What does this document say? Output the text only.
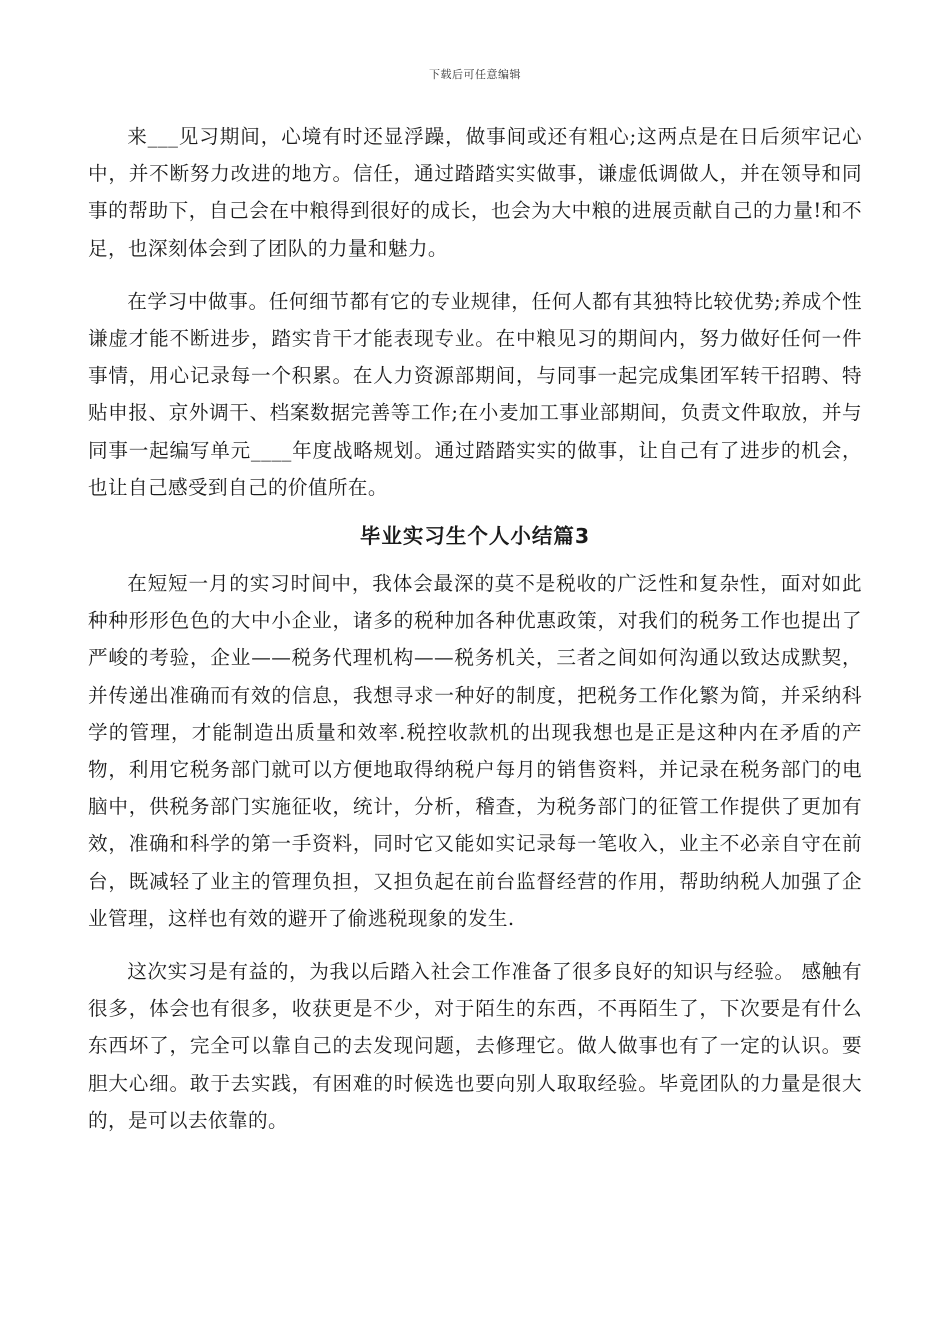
下载后可任意编辑

来___见习期间，心境有时还显浮躁，做事间或还有粗心;这两点是在日后须牢记心中，并不断努力改进的地方。信任，通过踏踏实实做事，谦虚低调做人，并在领导和同事的帮助下，自己会在中粮得到很好的成长，也会为大中粮的进展贡献自己的力量!和不足，也深刻体会到了团队的力量和魅力。

在学习中做事。任何细节都有它的专业规律，任何人都有其独特比较优势;养成个性谦虚才能不断进步，踏实肯干才能表现专业。在中粮见习的期间内，努力做好任何一件事情，用心记录每一个积累。在人力资源部期间，与同事一起完成集团军转干招聘、特贴申报、京外调干、档案数据完善等工作;在小麦加工事业部期间，负责文件取放，并与同事一起编写单元____年度战略规划。通过踏踏实实的做事，让自己有了进步的机会，也让自己感受到自己的价值所在。

毕业实习生个人小结篇3

在短短一月的实习时间中，我体会最深的莫不是税收的广泛性和复杂性，面对如此种种形形色色的大中小企业，诸多的税种加各种优惠政策，对我们的税务工作也提出了严峻的考验，企业——税务代理机构——税务机关，三者之间如何沟通以致达成默契，并传递出准确而有效的信息，我想寻求一种好的制度，把税务工作化繁为简，并采纳科学的管理，才能制造出质量和效率.税控收款机的出现我想也是正是这种内在矛盾的产物，利用它税务部门就可以方便地取得纳税户每月的销售资料，并记录在税务部门的电脑中，供税务部门实施征收，统计，分析，稽查，为税务部门的征管工作提供了更加有效，准确和科学的第一手资料，同时它又能如实记录每一笔收入，业主不必亲自守在前台，既减轻了业主的管理负担，又担负起在前台监督经营的作用，帮助纳税人加强了企业管理，这样也有效的避开了偷逃税现象的发生.

这次实习是有益的，为我以后踏入社会工作准备了很多良好的知识与经验。 感触有很多，体会也有很多，收获更是不少，对于陌生的东西，不再陌生了，下次要是有什么东西坏了，完全可以靠自己的去发现问题，去修理它。做人做事也有了一定的认识。要胆大心细。敢于去实践，有困难的时候选也要向别人取取经验。毕竟团队的力量是很大的，是可以去依靠的。
